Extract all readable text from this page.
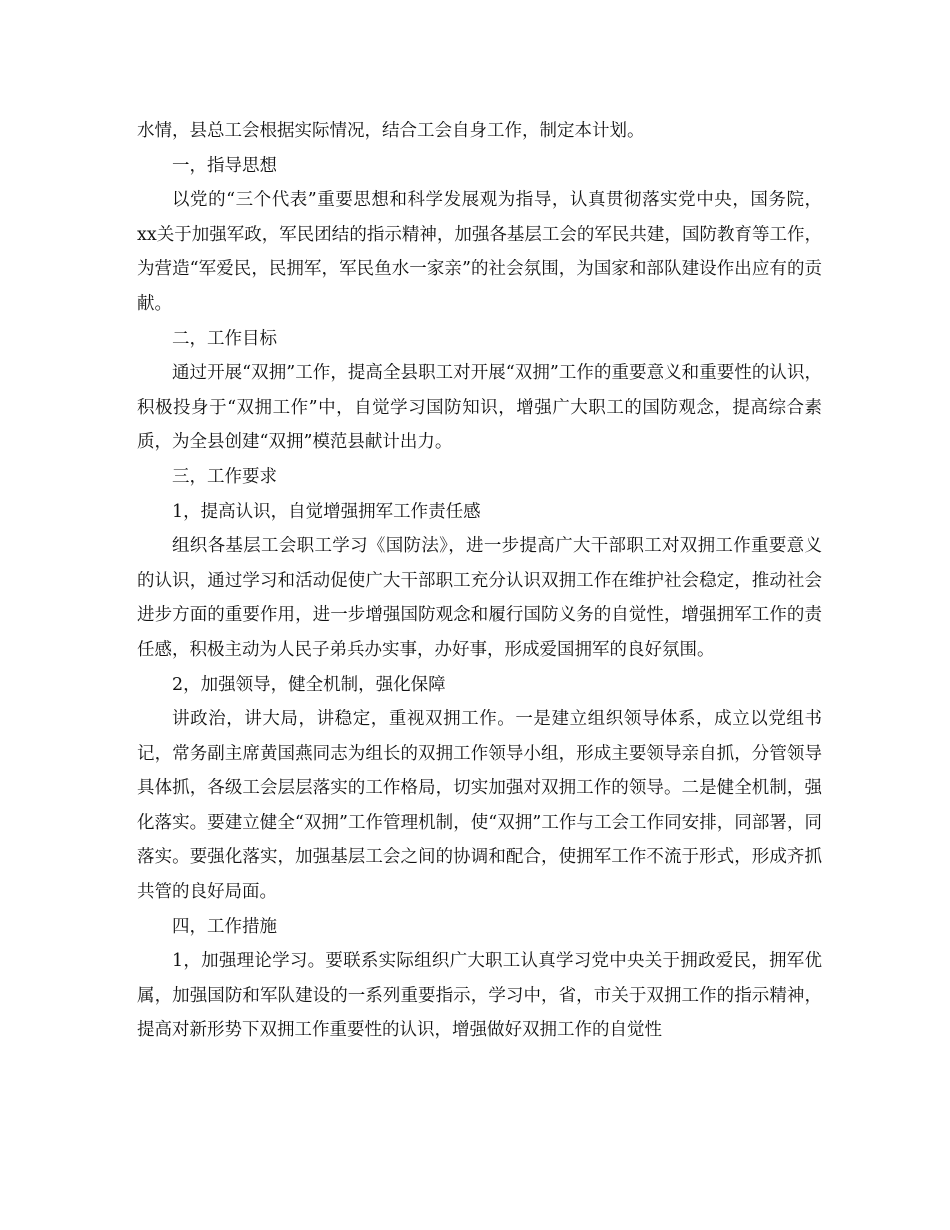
水情，县总工会根据实际情况，结合工会自身工作，制定本计划。

一，指导思想

以党的“三个代表”重要思想和科学发展观为指导，认真贯彻落实党中央，国务院，xx关于加强军政，军民团结的指示精神，加强各基层工会的军民共建，国防教育等工作，为营造“军爱民，民拥军，军民鱼水一家亲”的社会氛围，为国家和部队建设作出应有的贡献。

二，工作目标

通过开展“双拥”工作，提高全县职工对开展“双拥”工作的重要意义和重要性的认识，积极投身于“双拥工作”中，自觉学习国防知识，增强广大职工的国防观念，提高综合素质，为全县创建“双拥”模范县献计出力。

三，工作要求

1，提高认识，自觉增强拥军工作责任感

组织各基层工会职工学习《国防法》，进一步提高广大干部职工对双拥工作重要意义的认识，通过学习和活动促使广大干部职工充分认识双拥工作在维护社会稳定，推动社会进步方面的重要作用，进一步增强国防观念和履行国防义务的自觉性，增强拥军工作的责任感，积极主动为人民子弟兵办实事，办好事，形成爱国拥军的良好氛围。

2，加强领导，健全机制，强化保障

讲政治，讲大局，讲稳定，重视双拥工作。一是建立组织领导体系，成立以党组书记，常务副主席黄国燕同志为组长的双拥工作领导小组，形成主要领导亲自抓，分管领导具体抓，各级工会层层落实的工作格局，切实加强对双拥工作的领导。二是健全机制，强化落实。要建立健全“双拥”工作管理机制，使“双拥”工作与工会工作同安排，同部署，同落实。要强化落实，加强基层工会之间的协调和配合，使拥军工作不流于形式，形成齐抓共管的良好局面。

四，工作措施

1，加强理论学习。要联系实际组织广大职工认真学习党中央关于拥政爱民，拥军优属，加强国防和军队建设的一系列重要指示，学习中，省，市关于双拥工作的指示精神，提高对新形势下双拥工作重要性的认识，增强做好双拥工作的自觉性
